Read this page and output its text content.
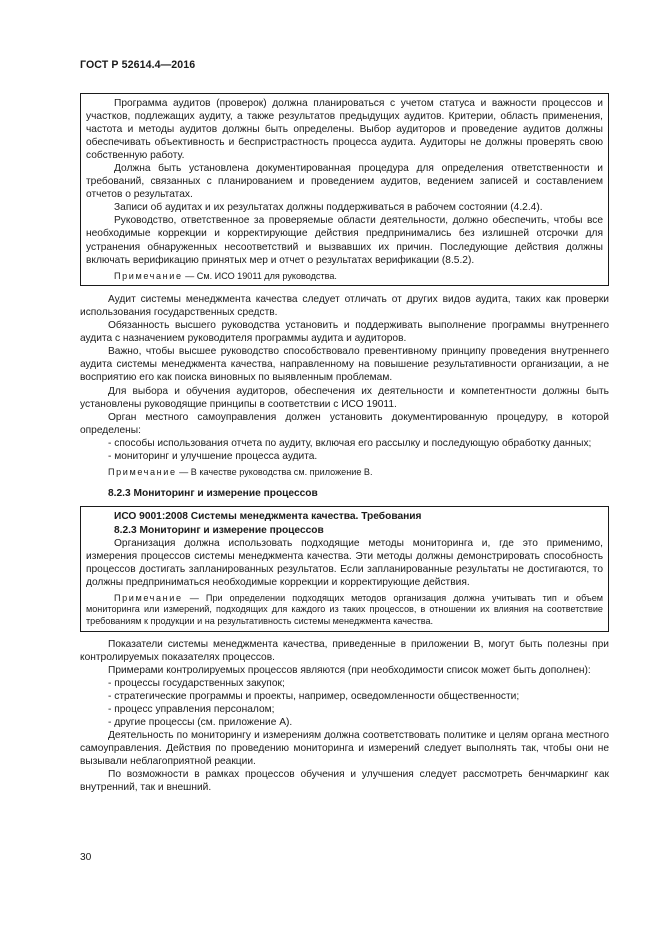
ГОСТ Р 52614.4—2016

Программа аудитов (проверок) должна планироваться с учетом статуса и важности процессов и участков, подлежащих аудиту, а также результатов предыдущих аудитов. Критерии, область применения, частота и методы аудитов должны быть определены. Выбор аудиторов и проведение аудитов должны обеспечивать объективность и беспристрастность процесса аудита. Аудиторы не должны проверять свою собственную работу.

Должна быть установлена документированная процедура для определения ответственности и требований, связанных с планированием и проведением аудитов, ведением записей и составлением отчетов о результатах.

Записи об аудитах и их результатах должны поддерживаться в рабочем состоянии (4.2.4).

Руководство, ответственное за проверяемые области деятельности, должно обеспечить, чтобы все необходимые коррекции и корректирующие действия предпринимались без излишней отсрочки для устранения обнаруженных несоответствий и вызвавших их причин. Последующие действия должны включать верификацию принятых мер и отчет о результатах верификации (8.5.2).

Примечание — См. ИСО 19011 для руководства.

Аудит системы менеджмента качества следует отличать от других видов аудита, таких как проверки использования государственных средств.

Обязанность высшего руководства установить и поддерживать выполнение программы внутреннего аудита с назначением руководителя программы аудита и аудиторов.

Важно, чтобы высшее руководство способствовало превентивному принципу проведения внутреннего аудита системы менеджмента качества, направленному на повышение результативности организации, а не восприятию его как поиска виновных по выявленным проблемам.

Для выбора и обучения аудиторов, обеспечения их деятельности и компетентности должны быть установлены руководящие принципы в соответствии с ИСО 19011.

Орган местного самоуправления должен установить документированную процедуру, в которой определены:

- способы использования отчета по аудиту, включая его рассылку и последующую обработку данных;

- мониторинг и улучшение процесса аудита.

Примечание — В качестве руководства см. приложение В.

8.2.3 Мониторинг и измерение процессов

ИСО 9001:2008 Системы менеджмента качества. Требования

8.2.3 Мониторинг и измерение процессов

Организация должна использовать подходящие методы мониторинга и, где это применимо, измерения процессов системы менеджмента качества. Эти методы должны демонстрировать способность процессов достигать запланированных результатов. Если запланированные результаты не достигаются, то должны предприниматься необходимые коррекции и корректирующие действия.

Примечание — При определении подходящих методов организация должна учитывать тип и объем мониторинга или измерений, подходящих для каждого из таких процессов, в отношении их влияния на соответствие требованиям к продукции и на результативность системы менеджмента качества.

Показатели системы менеджмента качества, приведенные в приложении В, могут быть полезны при контролируемых показателях процессов.

Примерами контролируемых процессов являются (при необходимости список может быть дополнен):

- процессы государственных закупок;

- стратегические программы и проекты, например, осведомленности общественности;

- процесс управления персоналом;

- другие процессы (см. приложение А).

Деятельность по мониторингу и измерениям должна соответствовать политике и целям органа местного самоуправления. Действия по проведению мониторинга и измерений следует выполнять так, чтобы они не вызывали неблагоприятной реакции.

По возможности в рамках процессов обучения и улучшения следует рассмотреть бенчмаркинг как внутренний, так и внешний.

30
